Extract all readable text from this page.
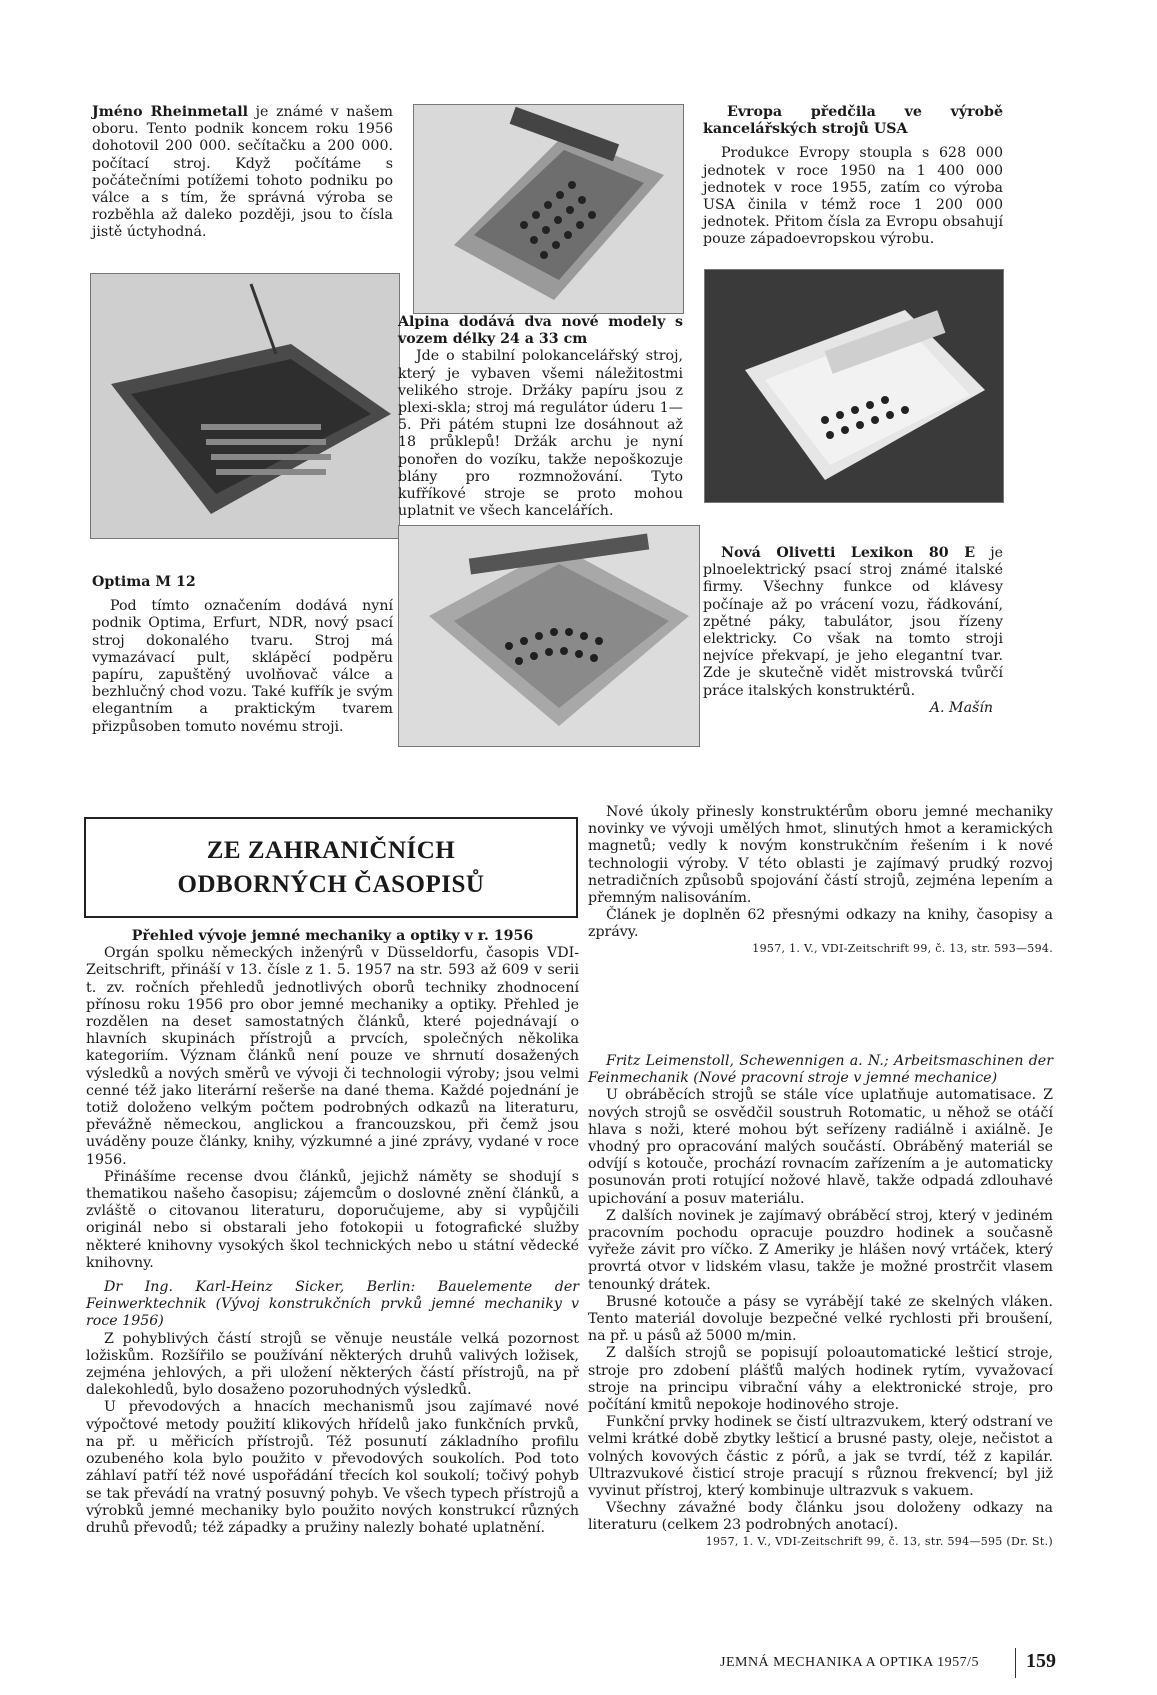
Jméno Rheinmetall je známé v našem oboru. Tento podnik koncem roku 1956 dohotovil 200 000. sečítačku a 200 000. počítací stroj. Když počítáme s počátečními potížemi tohoto podniku po válce a s tím, že správná výroba se rozběhla až daleko později, jsou to čísla jistě úctyhodná.

Evropa předčila ve výrobě kancelářských strojů USA

Produkce Evropy stoupla s 628 000 jednotek v roce 1950 na 1 400 000 jednotek v roce 1955, zatím co výroba USA činila v témž roce 1 200 000 jednotek. Přitom čísla za Evropu obsahují pouze západoevropskou výrobu.

Alpina dodává dva nové modely s vozem délky 24 a 33 cm

Jde o stabilní polokancelářský stroj, který je vybaven všemi náležitostmi velikého stroje. Držáky papíru jsou z plexi-skla; stroj má regulátor úderu 1—5. Při pátém stupni lze dosáhnout až 18 průklepů! Držák archu je nyní ponořen do vozíku, takže nepoškozuje blány pro rozmnožování. Tyto kufříkové stroje se proto mohou uplatnit ve všech kancelářích.

Optima M 12

Pod tímto označením dodává nyní podnik Optima, Erfurt, NDR, nový psací stroj dokonalého tvaru. Stroj má vymazávací pult, sklápěcí podpěru papíru, zapuštěný uvolňovač válce a bezhlučný chod vozu. Také kufřík je svým elegantním a praktickým tvarem přizpůsoben tomuto novému stroji.

Nová Olivetti Lexikon 80 E je plnoelektrický psací stroj známé italské firmy. Všechny funkce od klávesy počínaje až po vrácení vozu, řádkování, zpětné páky, tabulátor, jsou řízeny elektricky. Co však na tomto stroji nejvíce překvapí, je jeho elegantní tvar. Zde je skutečně vidět mistrovská tvůrčí práce italských konstruktérů.

A. Mašín

ZE ZAHRANIČNÍCH
ODBORNÝCH ČASOPISŮ

Přehled vývoje jemné mechaniky a optiky v r. 1956

Orgán spolku německých inženýrů v Düsseldorfu, časopis VDI-Zeitschrift, přináší v 13. čísle z 1. 5. 1957 na str. 593 až 609 v serii t. zv. ročních přehledů jednotlivých oborů techniky zhodnocení přínosu roku 1956 pro obor jemné mechaniky a optiky. Přehled je rozdělen na deset samostatných článků, které pojednávají o hlavních skupinách přístrojů a prvcích, společných několika kategoriím. Význam článků není pouze ve shrnutí dosažených výsledků a nových směrů ve vývoji či technologii výroby; jsou velmi cenné též jako literární rešerše na dané thema. Každé pojednání je totiž doloženo velkým počtem podrobných odkazů na literaturu, převážně německou, anglickou a francouzskou, při čemž jsou uváděny pouze články, knihy, výzkumné a jiné zprávy, vydané v roce 1956.

Přinášíme recense dvou článků, jejichž náměty se shodují s thematikou našeho časopisu; zájemcům o doslovné znění článků, a zvláště o citovanou literaturu, doporučujeme, aby si vypůjčili originál nebo si obstarali jeho fotokopii u fotografické služby některé knihovny vysokých škol technických nebo u státní vědecké knihovny.

Dr Ing. Karl-Heinz Sicker, Berlin: Bauelemente der Feinwerktechnik (Vývoj konstrukčních prvků jemné mechaniky v roce 1956)

Z pohyblivých částí strojů se věnuje neustále velká pozornost ložiskům. Rozšířilo se používání některých druhů valivých ložisek, zejména jehlových, a při uložení některých částí přístrojů, na př dalekohledů, bylo dosaženo pozoruhodných výsledků.

U převodových a hnacích mechanismů jsou zajímavé nové výpočtové metody použití klikových hřídelů jako funkčních prvků, na př. u měřicích přístrojů. Též posunutí základního profilu ozubeného kola bylo použito v převodových soukolích. Pod toto záhlaví patří též nové uspořádání třecích kol soukolí; točivý pohyb se tak převádí na vratný posuvný pohyb. Ve všech typech přístrojů a výrobků jemné mechaniky bylo použito nových konstrukcí různých druhů převodů; též západky a pružiny nalezly bohaté uplatnění.

Nové úkoly přinesly konstruktérům oboru jemné mechaniky novinky ve vývoji umělých hmot, slinutých hmot a keramických magnetů; vedly k novým konstrukčním řešením i k nové technologii výroby. V této oblasti je zajímavý prudký rozvoj netradičních způsobů spojování částí strojů, zejména lepením a přemným nalisováním.

Článek je doplněn 62 přesnými odkazy na knihy, časopisy a zprávy.

1957, 1. V., VDI-Zeitschrift 99, č. 13, str. 593—594.

Fritz Leimenstoll, Schewennigen a. N.; Arbeitsmaschinen der Feinmechanik (Nové pracovní stroje v jemné mechanice)

U obráběcích strojů se stále více uplatňuje automatisace. Z nových strojů se osvědčil soustruh Rotomatic, u něhož se otáčí hlava s noži, které mohou být seřízeny radiálně i axiálně. Je vhodný pro opracování malých součástí. Obráběný materiál se odvíjí s kotouče, prochází rovnacím zařízením a je automaticky posunován proti rotující nožové hlavě, takže odpadá zdlouhavé upichování a posuv materiálu.

Z dalších novinek je zajímavý obráběcí stroj, který v jediném pracovním pochodu opracuje pouzdro hodinek a současně vyřeže závit pro víčko. Z Ameriky je hlášen nový vrtáček, který provrtá otvor v lidském vlasu, takže je možné prostrčit vlasem tenounký drátek.

Brusné kotouče a pásy se vyrábějí také ze skelných vláken. Tento materiál dovoluje bezpečné velké rychlosti při broušení, na př. u pásů až 5000 m/min.

Z dalších strojů se popisují poloautomatické lešticí stroje, stroje pro zdobení plášťů malých hodinek rytím, vyvažovací stroje na principu vibrační váhy a elektronické stroje, pro počítání kmitů nepokoje hodinového stroje.

Funkční prvky hodinek se čistí ultrazvukem, který odstraní ve velmi krátké době zbytky lešticí a brusné pasty, oleje, nečistot a volných kovových částic z pórů, a jak se tvrdí, též z kapilár. Ultrazvukové čisticí stroje pracují s různou frekvencí; byl již vyvinut přístroj, který kombinuje ultrazvuk s vakuem.

Všechny závažné body článku jsou doloženy odkazy na literaturu (celkem 23 podrobných anotací).

1957, 1. V., VDI-Zeitschrift 99, č. 13, str. 594—595 (Dr. St.)

JEMNÁ MECHANIKA A OPTIKA 1957/5 159
